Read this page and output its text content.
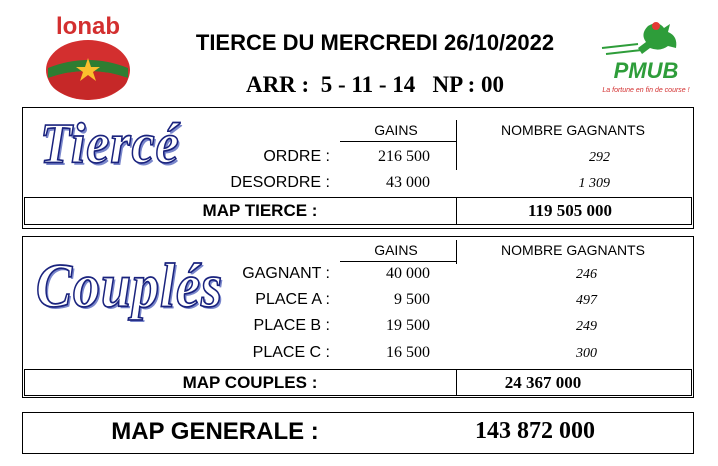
lonab
PMUB
La fortune en fin de course !
TIERCE DU MERCREDI 26/10/2022
ARR :  5 - 11 - 14   NP : 00
Tiercé	GAINS	NOMBRE GAGNANTS
ORDRE :	216 500	292
DESORDRE :	43 000	1 309
MAP TIERCE :	119 505 000
Couplés
GAINS	NOMBRE GAGNANTS
GAGNANT :	40 000	246
PLACE A :	9 500	497
PLACE B :	19 500	249
PLACE C :	16 500	300
MAP COUPLES :	24 367 000
MAP GENERALE :	143 872 000
